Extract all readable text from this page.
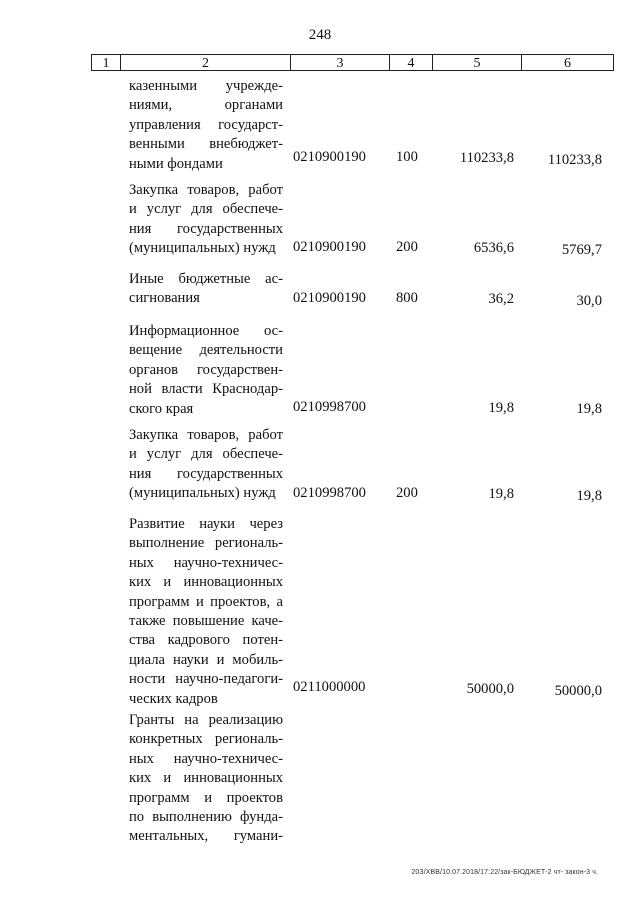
248
1	2	3	4	5	6
казенными учрежде-
ниями, органами
управления государст-
венными внебюджет-
ными фондами	0210900190 100	110233,8 110233,8
Закупка товаров, работ
и услуг для обеспече-
ния государственных
(муниципальных) нужд	0210900190 200	6536,6	5769,7
Иные бюджетные ас-
сигнования	0210900190 800	36,2	30,0
Информационное ос-
вещение деятельности
органов государствен-
ной власти Краснодар-
ского края	0210998700	19,8	19,8
Закупка товаров, работ
и услуг для обеспече-
ния государственных
(муниципальных) нужд	0210998700 200	19,8	19,8
Развитие науки через
выполнение региональ-
ных научно-техничес-
ких и инновационных
программ и проектов, а
также повышение каче-
ства кадрового потен-
циала науки и мобиль-
ности научно-педагоги-
ческих кадров
0211000000	50000,0	50000,0
Гранты на реализацию
конкретных региональ-
ных научно-техничес-
ких и инновационных
программ и проектов
по выполнению фунда-
ментальных, гумани-
20З/ХВВ/10.07.2018/17:22/зак-БЮДЖЕТ-2 чт- закон-3 ч.
